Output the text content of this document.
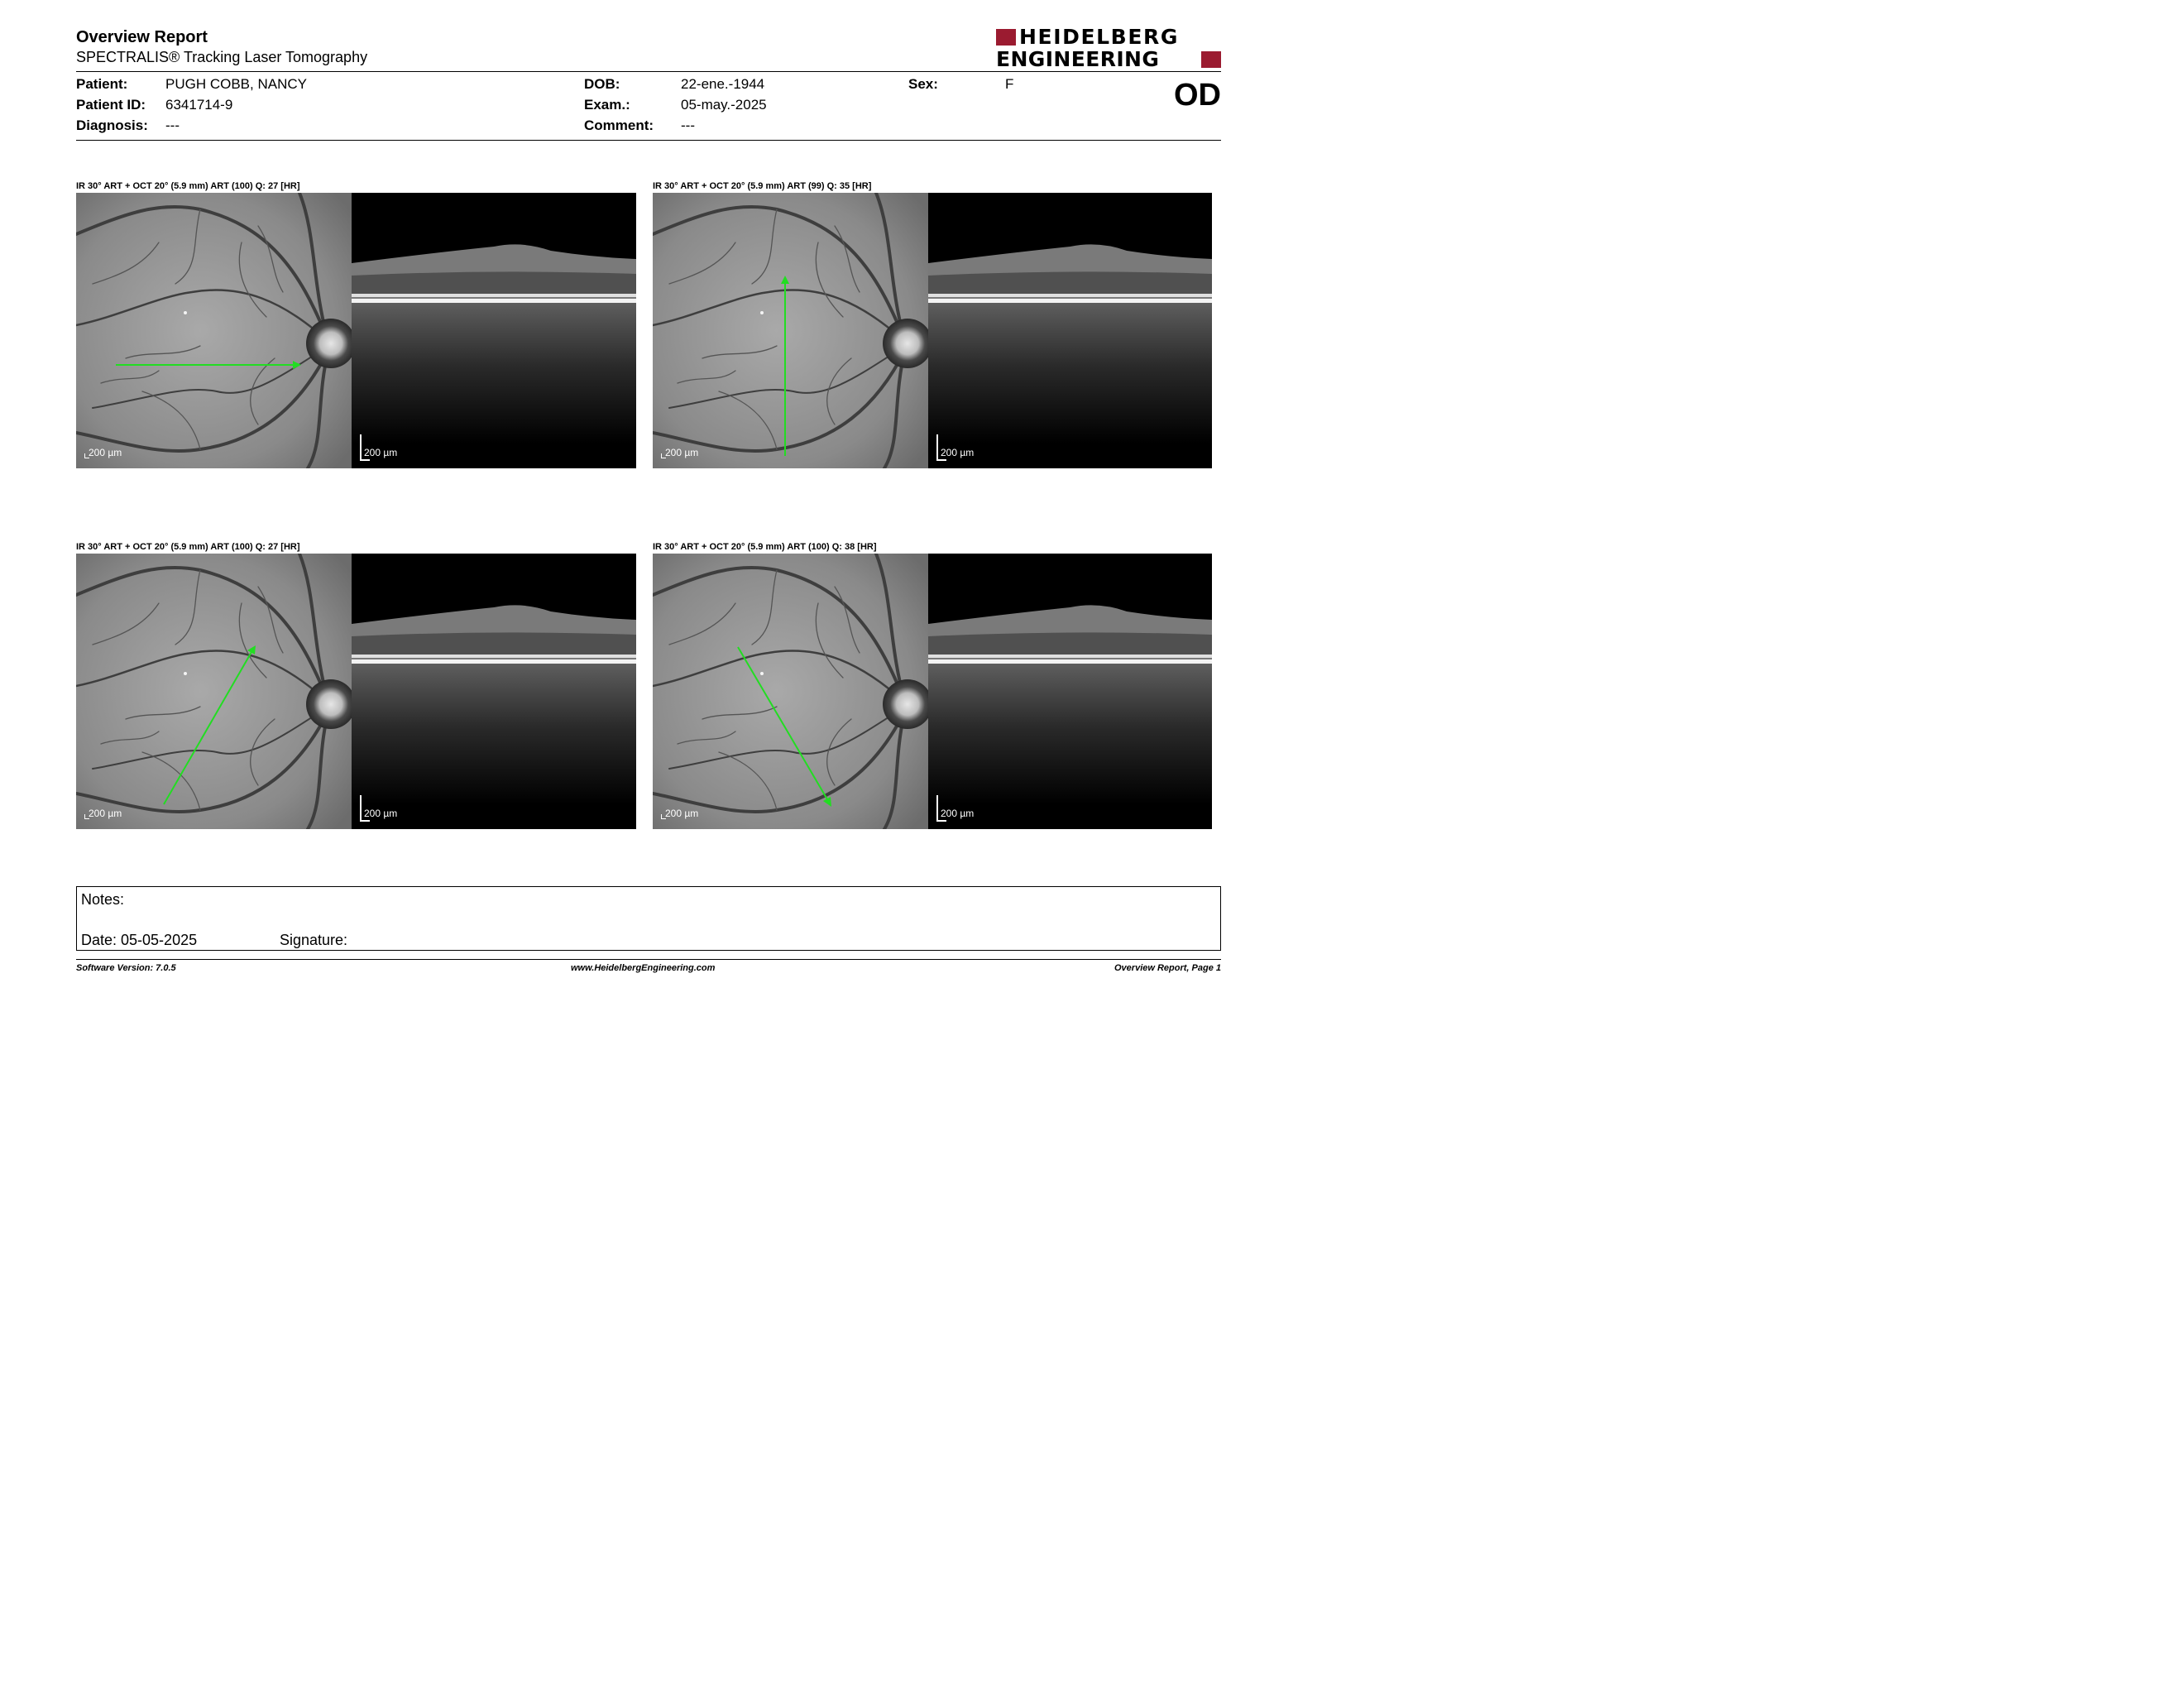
Overview Report
SPECTRALIS® Tracking Laser Tomography
HEIDELBERG
ENGINEERING
Patient:	PUGH COBB, NANCY
Patient ID: 6341714-9
Diagnosis: ---
DOB:	22-ene.-1944
Exam.:	05-may.-2025
Comment: ---
Sex:	F	OD
IR 30° ART + OCT 20° (5.9 mm) ART (100) Q: 27 [HR]
200 µm	200 µm
IR 30° ART + OCT 20° (5.9 mm) ART (99) Q: 35 [HR]
200 µm	200 µm
IR 30° ART + OCT 20° (5.9 mm) ART (100) Q: 27 [HR]
200 µm	200 µm
IR 30° ART + OCT 20° (5.9 mm) ART (100) Q: 38 [HR]
200 µm	200 µm
Notes:
Date: 05-05-2025	Signature:
Software Version: 7.0.5	www.HeidelbergEngineering.com	Overview Report, Page 1
